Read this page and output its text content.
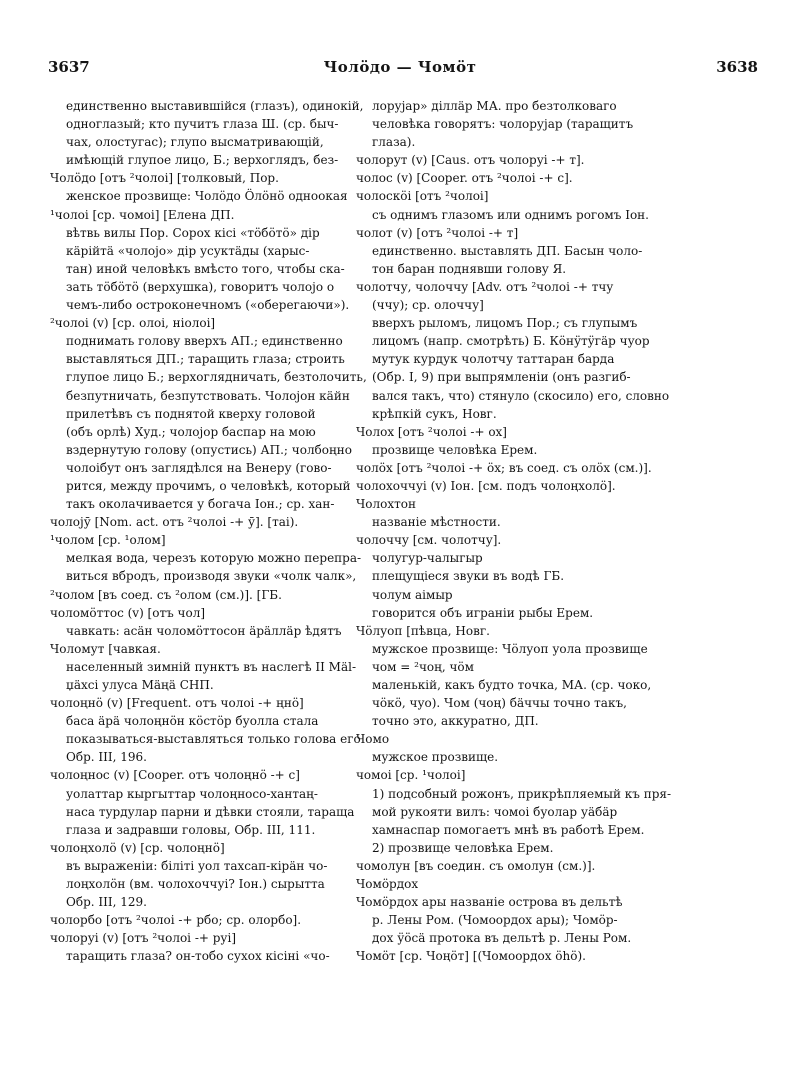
3637	Чолӧдо — Чомӧт	3638
единственно выставившійся (глазъ), одинокій,
одноглазый; кто пучитъ глаза Ш. (ср. быч-
чах, олостугас); глупо высматривающій,
имѣющій глупое лицо, Б.; верхоглядъ, без-
Чолӧдо [отъ ²чолоі] [толковый, Пор.
женское прозвище: Чолӧдо Ӧлӧнӧ одноокая
¹чолоі [ср. чомоі] [Елена ДП.
вѣтвь вилы Пор. Сорох кісі «тӧбӧтӧ» дір
кäрійтä «чолоjо» дір усуктäды (харыс-
тан) иной человѣкъ вмѣсто того, чтобы ска-
зать тӧбӧтӧ (верхушка), говоритъ чолоjо о
чемъ-либо остроконечномъ («оберегаючи»).
²чолоі (v) [ср. олоі, ніолоі]
поднимать голову вверхъ АП.; единственно
выставляться ДП.; таращить глаза; строить
глупое лицо Б.; верхоглядничать, безтолочить,
безпутничать, безпутствовать. Чолојон кäйн
прилетѣвъ съ поднятой кверху головой
(объ орлѣ) Худ.; чолојор баспар на мою
вздернутую голову (опустись) АП.; чолбоңно
чолоібут онъ заглядѣлся на Венеру (гово-
рится, между прочимъ, о человѣкѣ, который
такъ околачивается у богача Іон.; ср. хан-
чолојӯ [Nom. act. отъ ²чолоі -+ ӯ]. [таі).
¹чолом [ср. ¹олом]
мелкая вода, черезъ которую можно перепра-
виться вбродъ, производя звуки «чолк чалк»,
²чолом [въ соед. съ ²олом (см.)]. [ГБ.
чоломӧттос (v) [отъ чол]
чавкать: асäн чоломӧттосон äрäллäр ѣдятъ
Чоломут [чавкая.
населенный зимній пунктъ въ наслегѣ II Mäl-
џäхсі улуса Мäңä СНП.
чолоңнӧ (v) [Frequent. отъ чолоі -+ ңнӧ]
баса äрä чолоңнӧн кӧстӧр буолла стала
показываться-выставляться только голова его
Обр. III, 196.
чолоңнос (v) [Cooper. отъ чолоңнӧ -+ с]
уолаттар кыргыттар чолоңносо-хантаң-
наса турдулар парни и дѣвки стояли, тараща
глаза и задравши головы, Обр. III, 111.
чолоңхолӧ (v) [ср. чолоңнӧ]
въ выраженіи: біліті уол тахсап-кірäн чо-
лоңхолӧн (вм. чолохоччуі? Іон.) сырытта
Обр. III, 129.
чолорбо [отъ ²чолоі -+ рбо; ср. олорбо].
чолоруі (v) [отъ ²чолоі -+ руі]
таращить глаза? он-тобо сухох кісіні «чо-
лоруjар» діллäр МА. про безтолковаго
человѣка говорятъ: чолоруjар (таращитъ
глаза).
чолорут (v) [Caus. отъ чолоруі -+ т].
чолос (v) [Cooper. отъ ²чолоі -+ с].
чолоскӧі [отъ ²чолоі]
съ однимъ глазомъ или однимъ рогомъ Іон.
чолот (v) [отъ ²чолоі -+ т]
единственно. выставлять ДП. Басын чоло-
тон баран поднявши голову Я.
чолотчу, чолоччу [Adv. отъ ²чолоі -+ тчу
(ччу); ср. олоччу]
вверхъ рыломъ, лицомъ Пор.; съ глупымъ
лицомъ (напр. смотрѣть) Б. Кӧнӱтӱгäр чуор
мутук курдук чолотчу таттаран барда
(Обр. I, 9) при выпрямленіи (онъ разгиб-
вался такъ, что) стянуло (скосило) его, словно
крѣпкій сукъ, Новг.
Чолох [отъ ²чолоі -+ ох]
прозвище человѣка Ерем.
чолӧх [отъ ²чолоі -+ ӧх; въ соед. съ олӧх (см.)].
чолохоччуі (v) Іон. [см. подъ чолоңхолӧ].
Чолохтон
названіе мѣстности.
чолоччу [см. чолотчу].
чолугур-чалыгыр
плещущіеся звуки въ водѣ ГБ.
чолум аімыр
говорится объ играніи рыбы Ерем.
Чӧлуоп [пѣвца, Новг.
мужское прозвище: Чӧлуоп уола прозвище
чом = ²чоң, чӧм
маленькій, какъ будто точка, МА. (ср. чоко,
чӧкӧ, чуо). Чом (чоң) бäччы точно такъ,
точно это, аккуратно, ДП.
Чомо
мужское прозвище.
чомоі [ср. ¹чолоі]
1) подсобный рожонъ, прикрѣпляемый къ пря-
мой рукояти вилъ: чомоі буолар уäбäр
хамнаспар помогаетъ мнѣ въ работѣ Ерем.
2) прозвище человѣка Ерем.
чомолун [въ соедин. съ омолун (см.)].
Чомӧрдох
Чомӧрдох ары названіе острова въ дельтѣ
р. Лены Ром. (Чомоордох ары); Чомӧр-
дох ӱӧсä протока въ дельтѣ р. Лены Ром.
Чомӧт [ср. Чоңӧт] [(Чомоордох ӧһӧ).
